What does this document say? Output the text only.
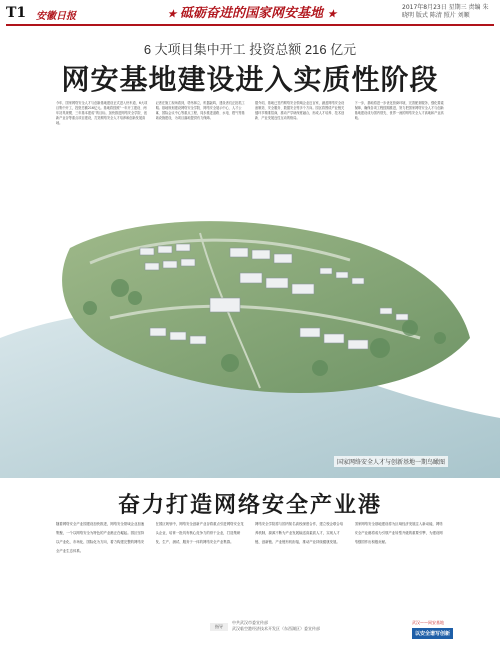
T1 安徽日报	★ 砥砺奋进的国家网安基地 ★
2017年8月23日 星期三 责编 朱晓明 版式 陈清 照片 刘顺
6 大项目集中开工 投资总额 216 亿元
网安基地建设进入实质性阶段
今年，国家网络安全人才与创新基地建设正式进入快车道，6大项目集中开工，投资总额216亿元。基地将按照“一年开工建设、两年初具规模、三年基本建成”的目标，加快推进网络安全学院、创新产业谷等重点项目建设，打造网络安全人才培养和创新发展高地。
记者在施工现场看到，塔吊林立，机器轰鸣，建设者们正抢抓工期。基地规划建设网络安全学院、网络安全展示中心、人才公寓、国际会议中心等重点工程，同步推进道路、水电、燃气等基础设施建设，为项目落地提供有力保障。
据介绍，基地已签约网络安全领域企业近百家，涵盖网络安全设备制造、安全服务、数据安全等多个方向。园区将围绕产业链关键环节精准招商，推动产学研深度融合，形成人才培养、技术创新、产业发展良性互动的格局。
下一步，基地将进一步优化营商环境，完善配套服务，强化要素保障，确保各项工程按期推进，努力把国家网络安全人才与创新基地建设成为国内领先、世界一流的网络安全人才高地和产业高地。
国家网络安全人才与创新基地一期鸟瞰图
奋力打造网络安全产业港
随着网络安全产业园建设加快推进，网络安全领域企业加速集聚，一个以网络安全为特色的产业港正在崛起。园区坚持以产业化、市场化、国际化为方向，着力构建完整的网络安全产业生态体系。
在园区规划中，网络安全创新产业谷将重点引进网络安全龙头企业，培育一批具有核心竞争力的骨干企业，打造集研发、生产、测试、服务于一体的网络安全产业集群。
网络安全学院将与国内知名高校深度合作，建立校企联合培养机制，源源不断为产业发展输送高素质人才，实现人才链、创新链、产业链有机衔接，推动产业持续健康发展。
国家网络安全基地建设将为区域经济发展注入新动能，网络安全产业港将成为引领产业转型升级的重要引擎，为建设网络强国作出积极贡献。
指导
中共武汉市委宣传部
武汉临空港经济技术开发区（东西湖区）委宣传部
武汉——网安基地
以安全谱写创新
